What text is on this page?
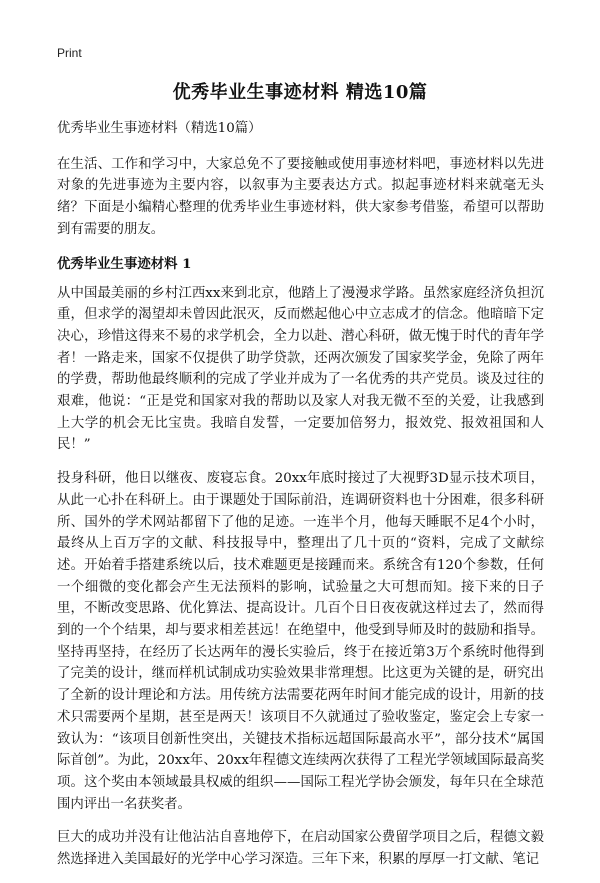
Print
优秀毕业生事迹材料 精选10篇

优秀毕业生事迹材料（精选10篇）

在生活、工作和学习中，大家总免不了要接触或使用事迹材料吧，事迹材料以先进对象的先进事迹为主要内容，以叙事为主要表达方式。拟起事迹材料来就毫无头绪？下面是小编精心整理的优秀毕业生事迹材料，供大家参考借鉴，希望可以帮助到有需要的朋友。

优秀毕业生事迹材料 1

从中国最美丽的乡村江西xx来到北京，他踏上了漫漫求学路。虽然家庭经济负担沉重，但求学的渴望却未曾因此泯灭，反而燃起他心中立志成才的信念。他暗暗下定决心，珍惜这得来不易的求学机会，全力以赴、潜心科研，做无愧于时代的青年学者！一路走来，国家不仅提供了助学贷款，还两次颁发了国家奖学金，免除了两年的学费，帮助他最终顺利的完成了学业并成为了一名优秀的共产党员。谈及过往的艰难，他说：“正是党和国家对我的帮助以及家人对我无微不至的关爱，让我感到上大学的机会无比宝贵。我暗自发誓，一定要加倍努力，报效党、报效祖国和人民！”

投身科研，他日以继夜、废寝忘食。20xx年底时接过了大视野3D显示技术项目，从此一心扑在科研上。由于课题处于国际前沿，连调研资料也十分困难，很多科研所、国外的学术网站都留下了他的足迹。一连半个月，他每天睡眠不足4个小时，最终从上百万字的文献、科技报导中，整理出了几十页的“资料，完成了文献综述。开始着手搭建系统以后，技术难题更是接踵而来。系统含有120个参数，任何一个细微的变化都会产生无法预料的影响，试验量之大可想而知。接下来的日子里，不断改变思路、优化算法、提高设计。几百个日日夜夜就这样过去了，然而得到的一个个结果，却与要求相差甚远！在绝望中，他受到导师及时的鼓励和指导。坚持再坚持，在经历了长达两年的漫长实验后，终于在接近第3万个系统时他得到了完美的设计，继而样机试制成功实验效果非常理想。比这更为关键的是，研究出了全新的设计理论和方法。用传统方法需要花两年时间才能完成的设计，用新的技术只需要两个星期，甚至是两天！该项目不久就通过了验收鉴定，鉴定会上专家一致认为：“该项目创新性突出，关键技术指标远超国际最高水平”，部分技术“属国际首创”。为此，20xx年、20xx年程德文连续两次获得了工程光学领域国际最高奖项。这个奖由本领域最具权威的组织——国际工程光学协会颁发，每年只在全球范围内评出一名获奖者。

巨大的成功并没有让他沾沾自喜地停下，在启动国家公费留学项目之后，程德文毅然选择进入美国最好的光学中心学习深造。三年下来，积累的厚厚一打文献、笔记
